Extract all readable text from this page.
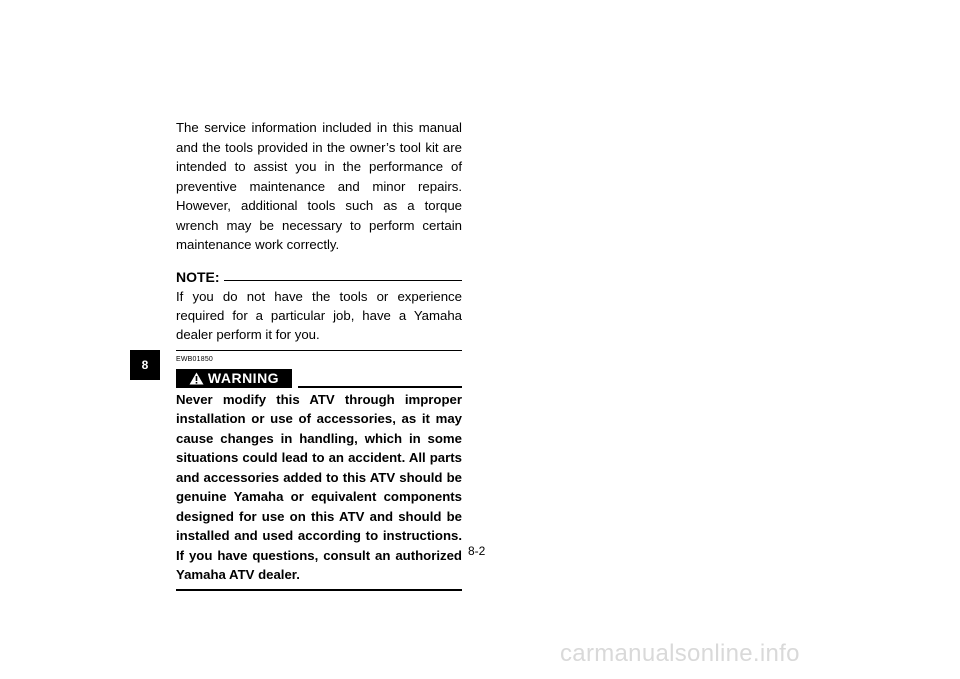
8

The service information included in this manual and the tools provided in the owner’s tool kit are intended to assist you in the performance of preventive maintenance and minor repairs. However, additional tools such as a torque wrench may be necessary to perform certain maintenance work correctly.

NOTE:

If you do not have the tools or experience required for a particular job, have a Yamaha dealer perform it for you.

EWB01850
WARNING

Never modify this ATV through improper installation or use of accessories, as it may cause changes in handling, which in some situations could lead to an accident. All parts and accessories added to this ATV should be genuine Yamaha or equivalent components designed for use on this ATV and should be installed and used according to instructions. If you have questions, consult an authorized Yamaha ATV dealer.

8-2
carmanualsonline.info
